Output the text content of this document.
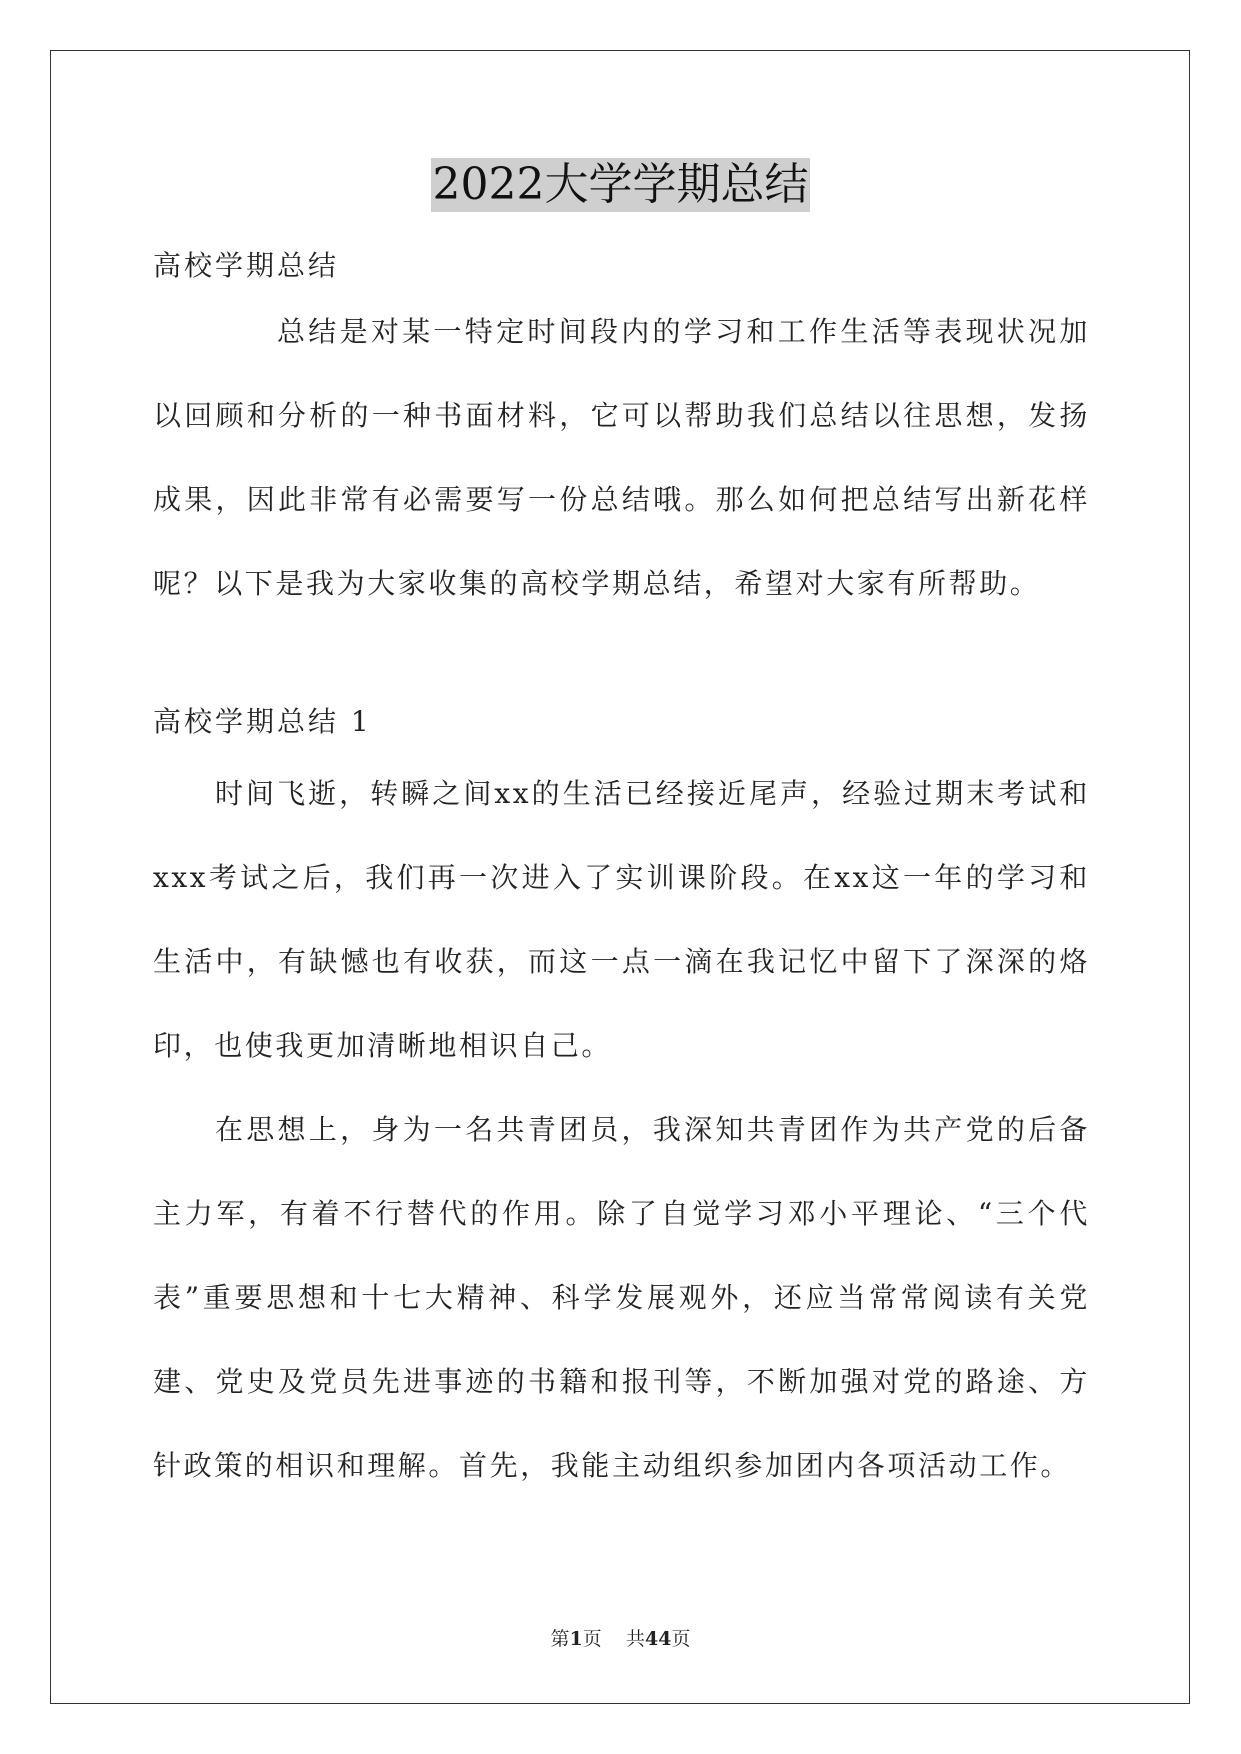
2022大学学期总结
高校学期总结
总结是对某一特定时间段内的学习和工作生活等表现状况加以回顾和分析的一种书面材料，它可以帮助我们总结以往思想，发扬成果，因此非常有必需要写一份总结哦。那么如何把总结写出新花样呢？以下是我为大家收集的高校学期总结，希望对大家有所帮助。
高校学期总结 1
时间飞逝，转瞬之间xx的生活已经接近尾声，经验过期末考试和xxx考试之后，我们再一次进入了实训课阶段。在xx这一年的学习和生活中，有缺憾也有收获，而这一点一滴在我记忆中留下了深深的烙印，也使我更加清晰地相识自己。
在思想上，身为一名共青团员，我深知共青团作为共产党的后备主力军，有着不行替代的作用。除了自觉学习邓小平理论、“三个代表”重要思想和十七大精神、科学发展观外，还应当常常阅读有关党建、党史及党员先进事迹的书籍和报刊等，不断加强对党的路途、方针政策的相识和理解。首先，我能主动组织参加团内各项活动工作。
第1页 共44页
